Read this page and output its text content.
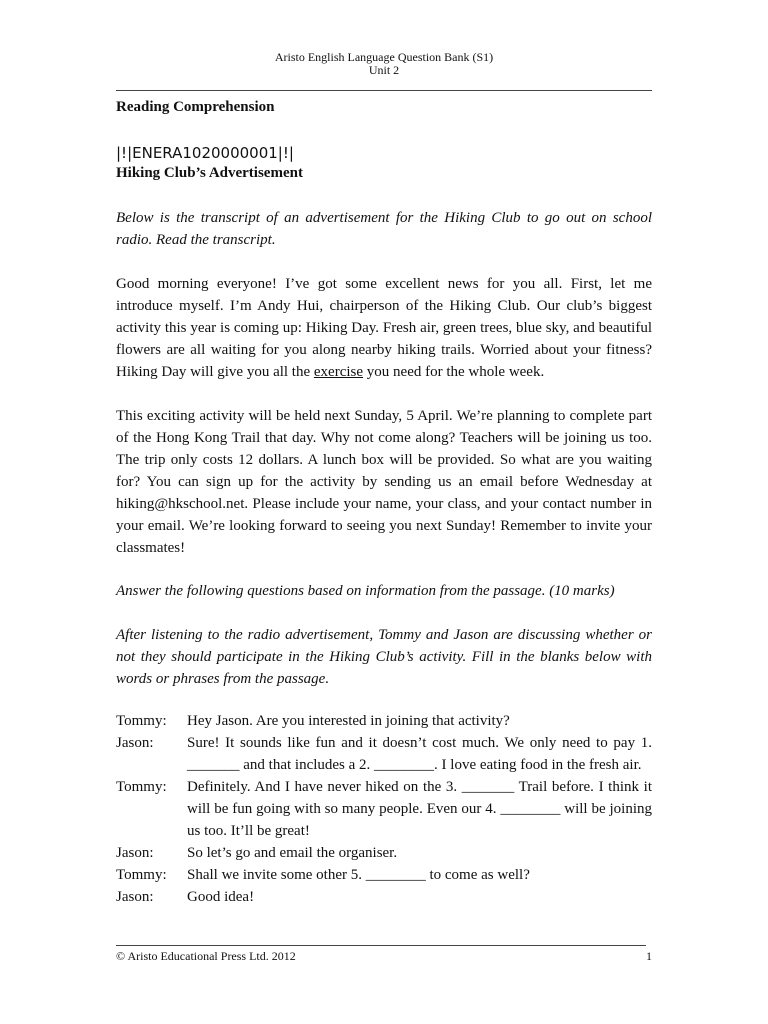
Aristo English Language Question Bank (S1)
Unit 2
Reading Comprehension
|!|ENERA1020000001|!|
Hiking Club’s Advertisement

Below is the transcript of an advertisement for the Hiking Club to go out on school radio. Read the transcript.

Good morning everyone! I’ve got some excellent news for you all. First, let me introduce myself. I’m Andy Hui, chairperson of the Hiking Club. Our club’s biggest activity this year is coming up: Hiking Day. Fresh air, green trees, blue sky, and beautiful flowers are all waiting for you along nearby hiking trails. Worried about your fitness? Hiking Day will give you all the exercise you need for the whole week.

This exciting activity will be held next Sunday, 5 April. We’re planning to complete part of the Hong Kong Trail that day. Why not come along? Teachers will be joining us too. The trip only costs 12 dollars. A lunch box will be provided. So what are you waiting for? You can sign up for the activity by sending us an email before Wednesday at hiking@hkschool.net. Please include your name, your class, and your contact number in your email. We’re looking forward to seeing you next Sunday! Remember to invite your classmates!

Answer the following questions based on information from the passage. (10 marks)

After listening to the radio advertisement, Tommy and Jason are discussing whether or not they should participate in the Hiking Club’s activity. Fill in the blanks below with words or phrases from the passage.

Tommy:	Hey Jason. Are you interested in joining that activity?
Jason:	Sure! It sounds like fun and it doesn’t cost much. We only need to pay 1. _______ and that includes a 2. ________. I love eating food in the fresh air.
Tommy:	Definitely. And I have never hiked on the 3. _______ Trail before. I think it will be fun going with so many people. Even our 4. ________ will be joining us too. It’ll be great!
Jason:	So let’s go and email the organiser.
Tommy:	Shall we invite some other 5. ________ to come as well?
Jason:	Good idea!
© Aristo Educational Press Ltd. 2012	1
